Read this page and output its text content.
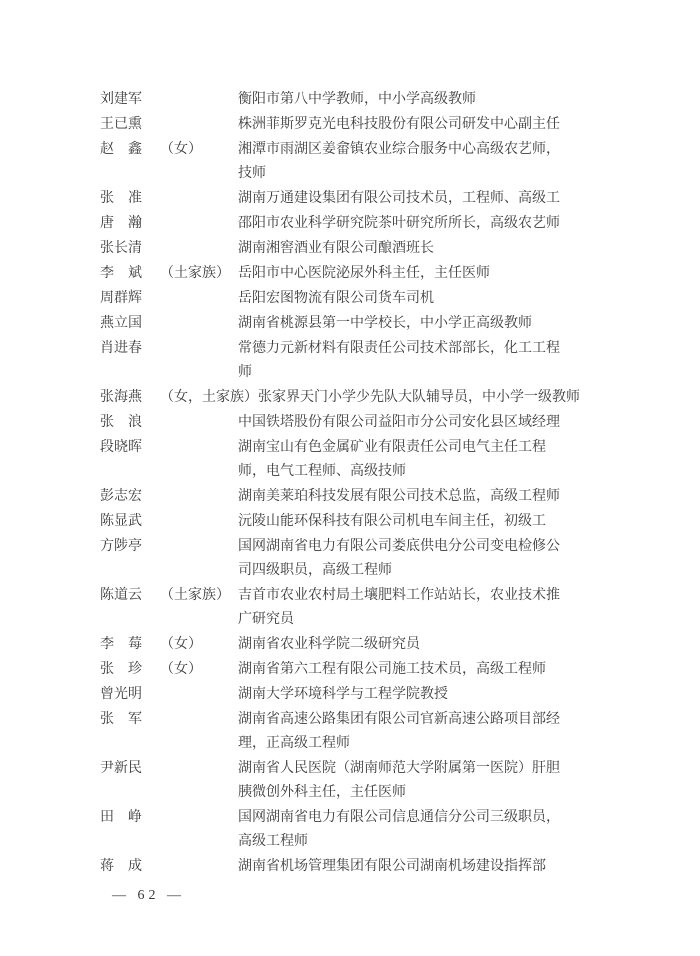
刘建军	衡阳市第八中学教师，中小学高级教师
王已熏	株洲菲斯罗克光电科技股份有限公司研发中心副主任
赵　鑫	（女）	湘潭市雨湖区姜畲镇农业综合服务中心高级农艺师，技师
张　准	湖南万通建设集团有限公司技术员，工程师、高级工
唐　瀚	邵阳市农业科学研究院茶叶研究所所长，高级农艺师
张长清	湖南湘窖酒业有限公司酿酒班长
李　斌	（土家族） 岳阳市中心医院泌尿外科主任，主任医师
周群辉	岳阳宏图物流有限公司货车司机
燕立国	湖南省桃源县第一中学校长，中小学正高级教师
肖进春	常德力元新材料有限责任公司技术部部长，化工工程师
张海燕	（女，土家族） 张家界天门小学少先队大队辅导员，中小学一级教师
张　浪	中国铁塔股份有限公司益阳市分公司安化县区域经理
段晓晖	湖南宝山有色金属矿业有限责任公司电气主任工程师，电气工程师、高级技师
彭志宏	湖南美莱珀科技发展有限公司技术总监，高级工程师
陈显武	沅陵山能环保科技有限公司机电车间主任，初级工
方陟亭	国网湖南省电力有限公司娄底供电分公司变电检修公司四级职员，高级工程师
陈道云	（土家族） 吉首市农业农村局土壤肥料工作站站长，农业技术推广研究员
李　莓	（女）	湖南省农业科学院二级研究员
张　珍	（女）	湖南省第六工程有限公司施工技术员，高级工程师
曾光明	湖南大学环境科学与工程学院教授
张　军	湖南省高速公路集团有限公司官新高速公路项目部经理，正高级工程师
尹新民	湖南省人民医院（湖南师范大学附属第一医院）肝胆胰微创外科主任，主任医师
田　峥	国网湖南省电力有限公司信息通信分公司三级职员，高级工程师
蒋　成	湖南省机场管理集团有限公司湖南机场建设指挥部
— 62 —
